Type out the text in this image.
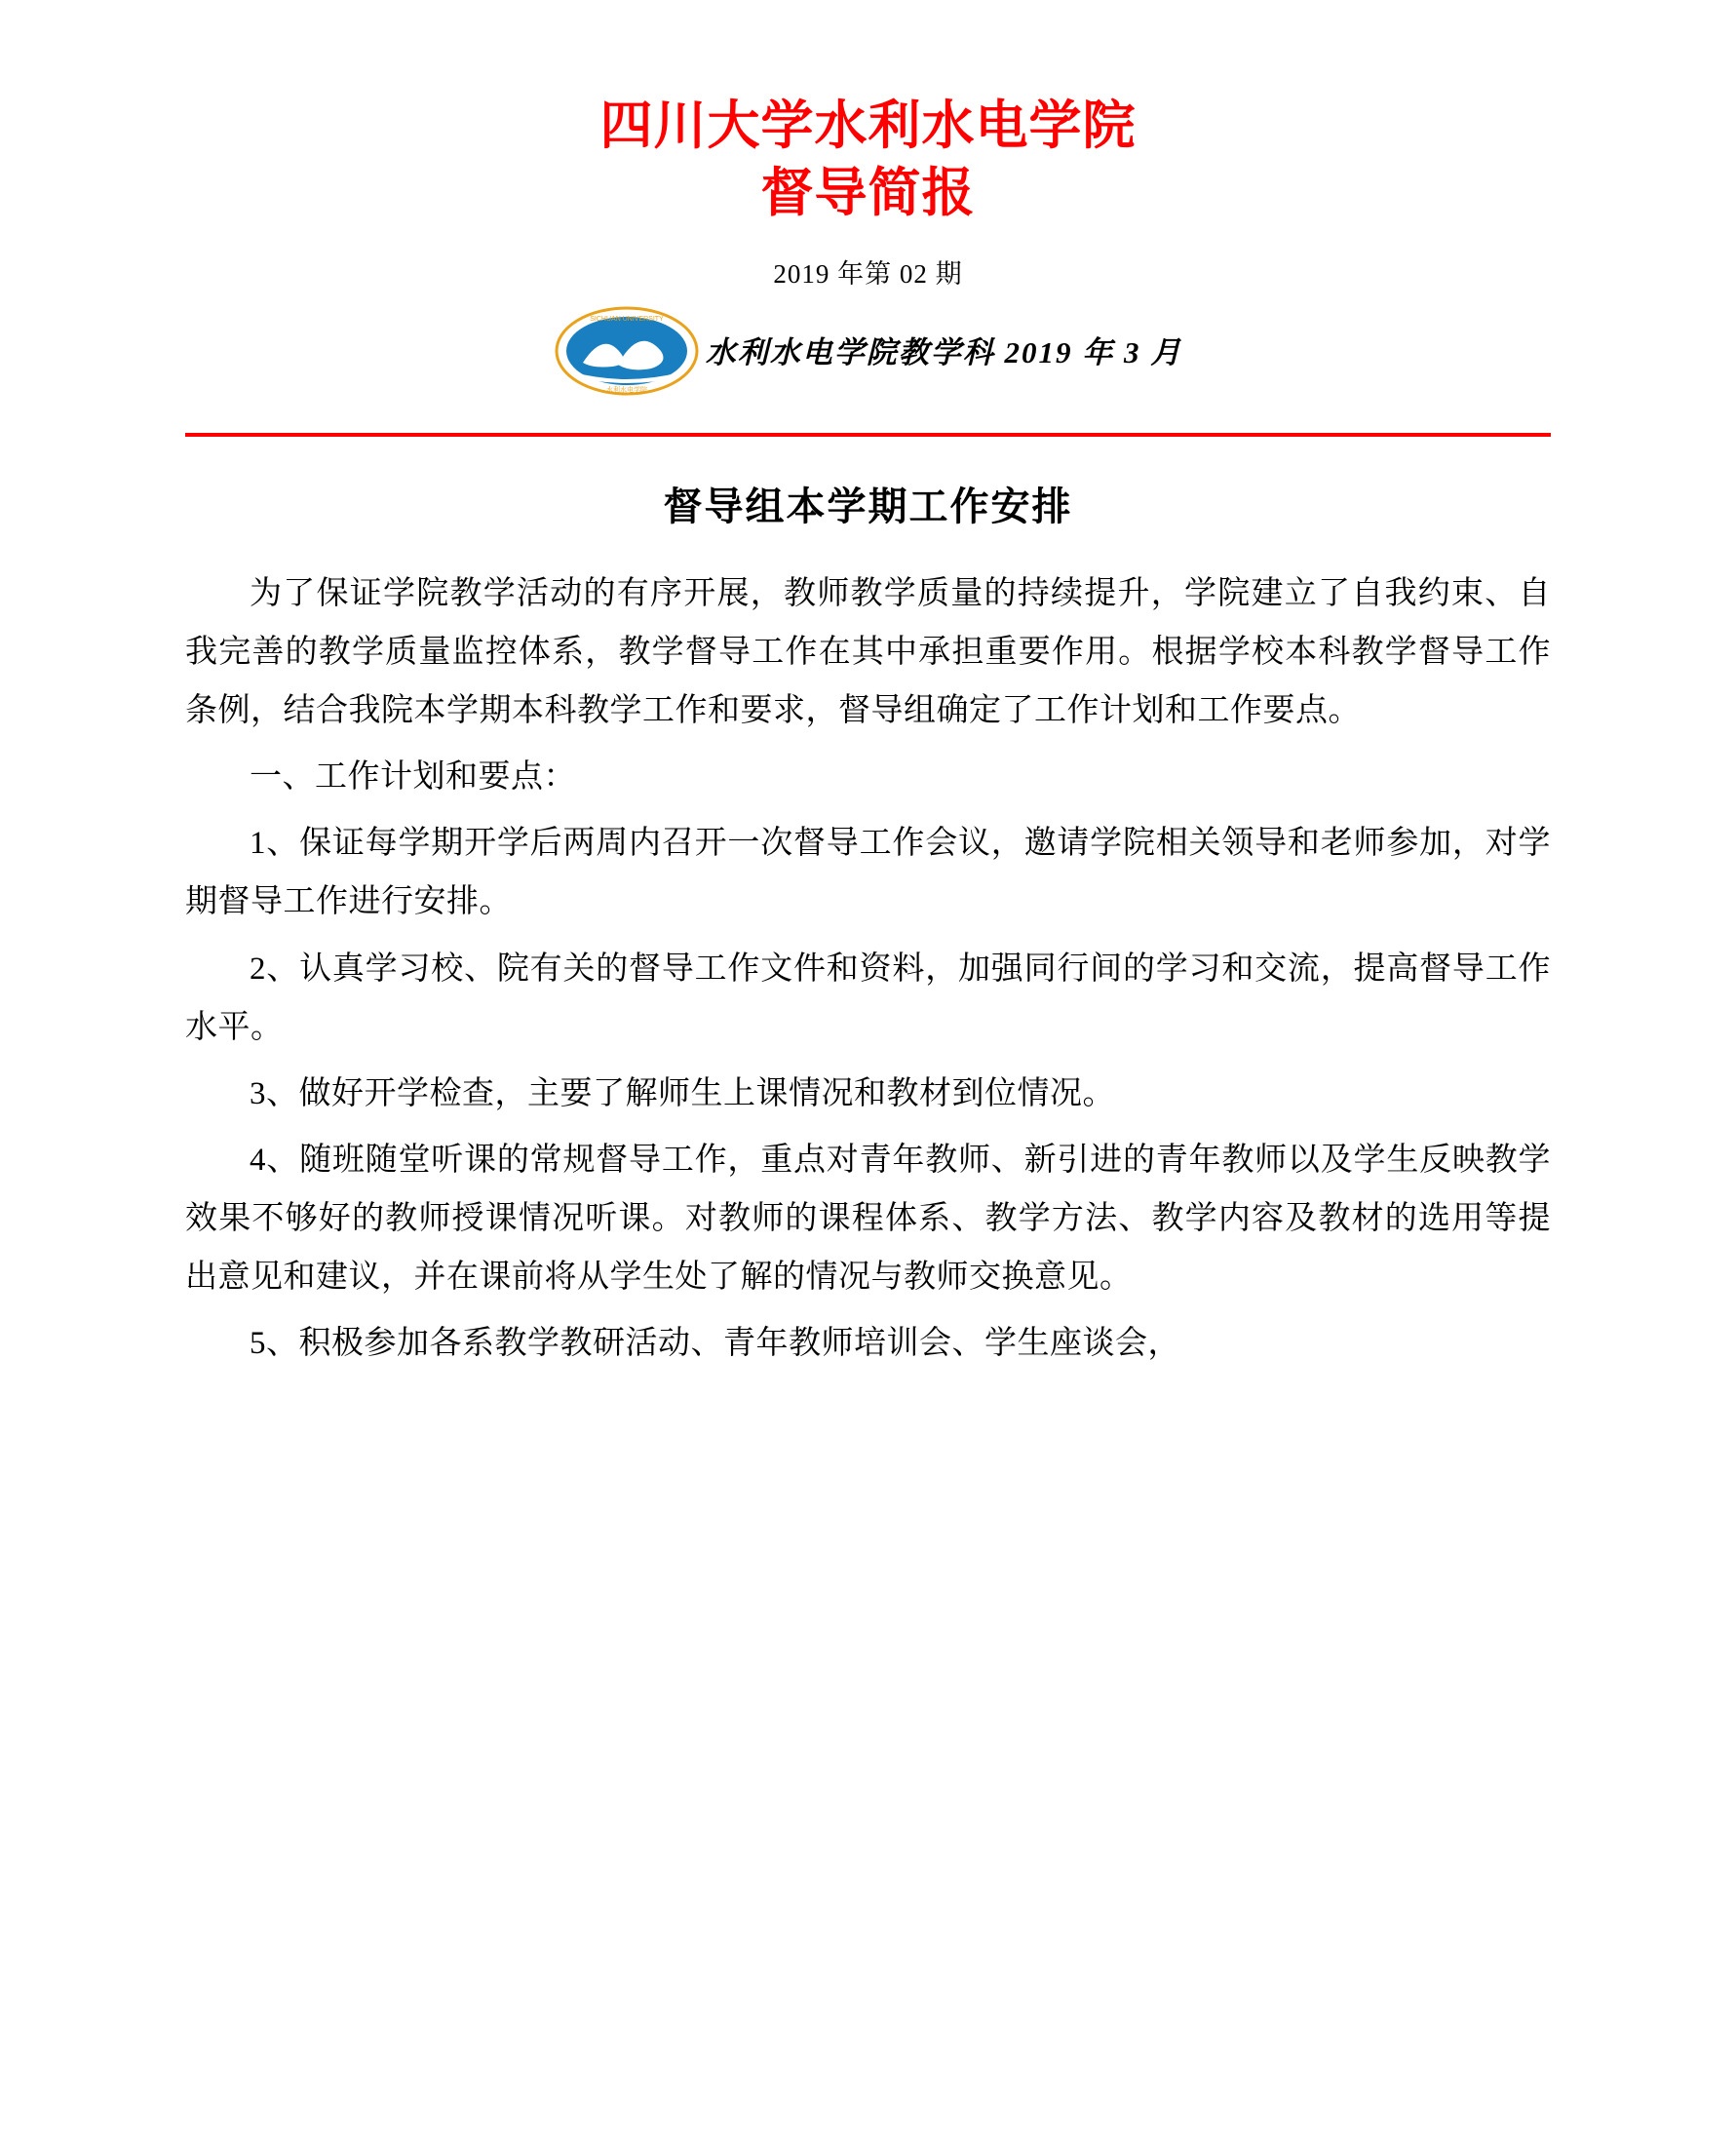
四川大学水利水电学院
督导简报
2019 年第 02 期
SICHUAN UNIVERSITY
水利水电学院
水利水电学院教学科 2019 年 3 月
督导组本学期工作安排

为了保证学院教学活动的有序开展，教师教学质量的持续提升，学院建立了自我约束、自我完善的教学质量监控体系，教学督导工作在其中承担重要作用。根据学校本科教学督导工作条例，结合我院本学期本科教学工作和要求，督导组确定了工作计划和工作要点。

一、工作计划和要点：

1、保证每学期开学后两周内召开一次督导工作会议，邀请学院相关领导和老师参加，对学期督导工作进行安排。

2、认真学习校、院有关的督导工作文件和资料，加强同行间的学习和交流，提高督导工作水平。

3、做好开学检查，主要了解师生上课情况和教材到位情况。

4、随班随堂听课的常规督导工作，重点对青年教师、新引进的青年教师以及学生反映教学效果不够好的教师授课情况听课。对教师的课程体系、教学方法、教学内容及教材的选用等提出意见和建议，并在课前将从学生处了解的情况与教师交换意见。

5、积极参加各系教学教研活动、青年教师培训会、学生座谈会，
